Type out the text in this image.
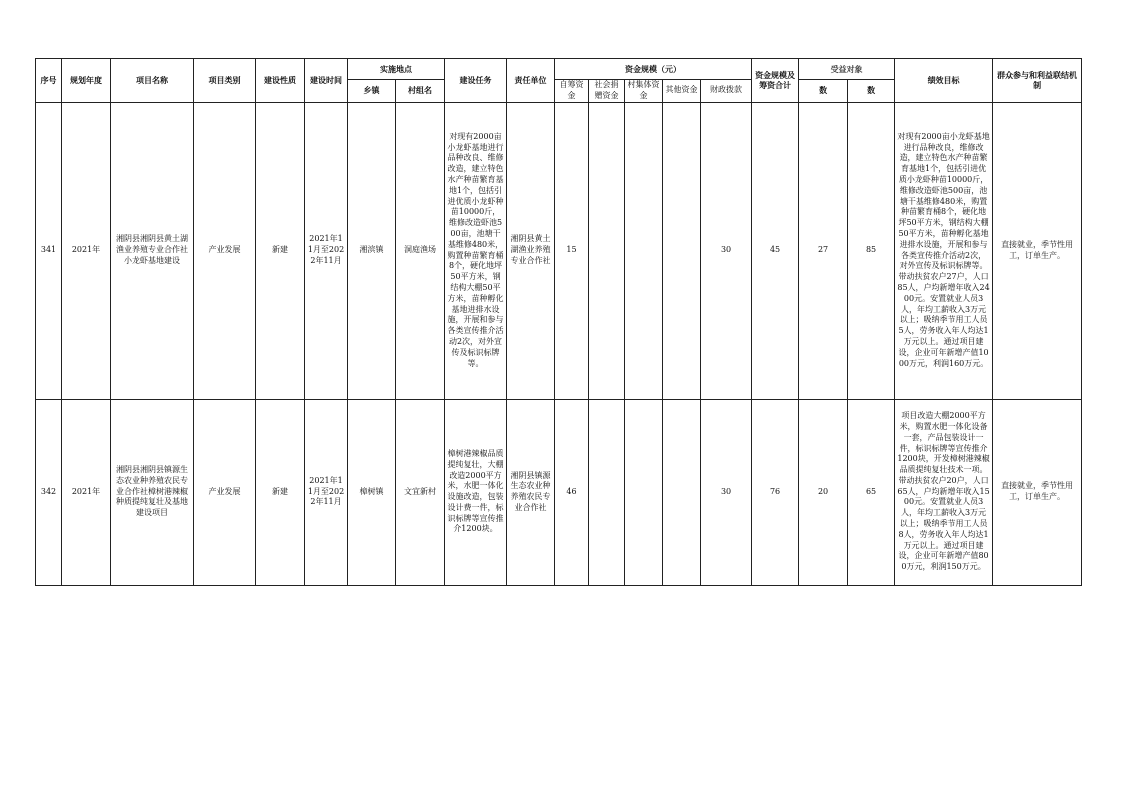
序号	规划年度	项目名称	项目类别	建设性质	建设时间	实施地点		建设任务	责任单位	资金规模（元）					资金规模及筹资合计	受益对象		绩效目标	群众参与和利益联结机制
						乡镇	村组名			自筹资金	社会捐赠资金	村集体资金	其他资金	财政拨款		数	数		
341	2021年	湘阴县湘阴县黄土湖渔业养殖专业合作社小龙虾基地建设	产业发展	新建	2021年11月至2022年11月	湘滨镇	洞庭渔场	对现有2000亩小龙虾基地进行品种改良、维修改造，建立特色水产种苗繁育基地1个，包括引进优质小龙虾种苗10000斤，维修改造虾池500亩，池塘干基维修480米，购置种苗繁育桶8个，硬化地坪50平方米，钢结构大棚50平方米，苗种孵化基地进排水设施，开展和参与各类宣传推介活动2次，对外宣传及标识标牌等。	湘阴县黄土湖渔业养殖专业合作社	15				30	45	27	85	对现有2000亩小龙虾基地进行品种改良，维修改造，建立特色水产种苗繁育基地1个，包括引进优质小龙虾种苗10000斤，维修改造虾池500亩，池塘干基维修480米，购置种苗繁育桶8个，硬化地坪50平方米，钢结构大棚50平方米，苗种孵化基地进排水设施，开展和参与各类宣传推介活动2次，对外宣传及标识标牌等。带动扶贫农户27户，人口85人，户均新增年收入2400元。安置就业人员3人，年均工薪收入3万元以上；吸纳季节用工人员5人，劳务收入年人均达1万元以上。通过项目建设，企业可年新增产值1000万元，利润160万元。	直接就业，季节性用工，订单生产。
342	2021年	湘阴县湘阴县镇源生态农业种养殖农民专业合作社樟树港辣椒种质提纯复壮及基地建设项目	产业发展	新建	2021年11月至2022年11月	樟树镇	文宜新村	樟树港辣椒品质提纯复壮，大棚改造2000平方米，水肥一体化设施改造，包装设计费一件，标识标牌等宣传推介1200块。	湘阴县镇源生态农业种养殖农民专业合作社	46				30	76	20	65	项目改造大棚2000平方米，购置水肥一体化设备一套，产品包装设计一件，标识标牌等宣传推介1200块，开发樟树港辣椒品质提纯复壮技术一项。带动扶贫农户20户，人口65人，户均新增年收入1500元。安置就业人员3人，年均工薪收入3万元以上；吸纳季节用工人员8人，劳务收入年人均达1万元以上。通过项目建设，企业可年新增产值800万元，利润150万元。	直接就业，季节性用工，订单生产。
